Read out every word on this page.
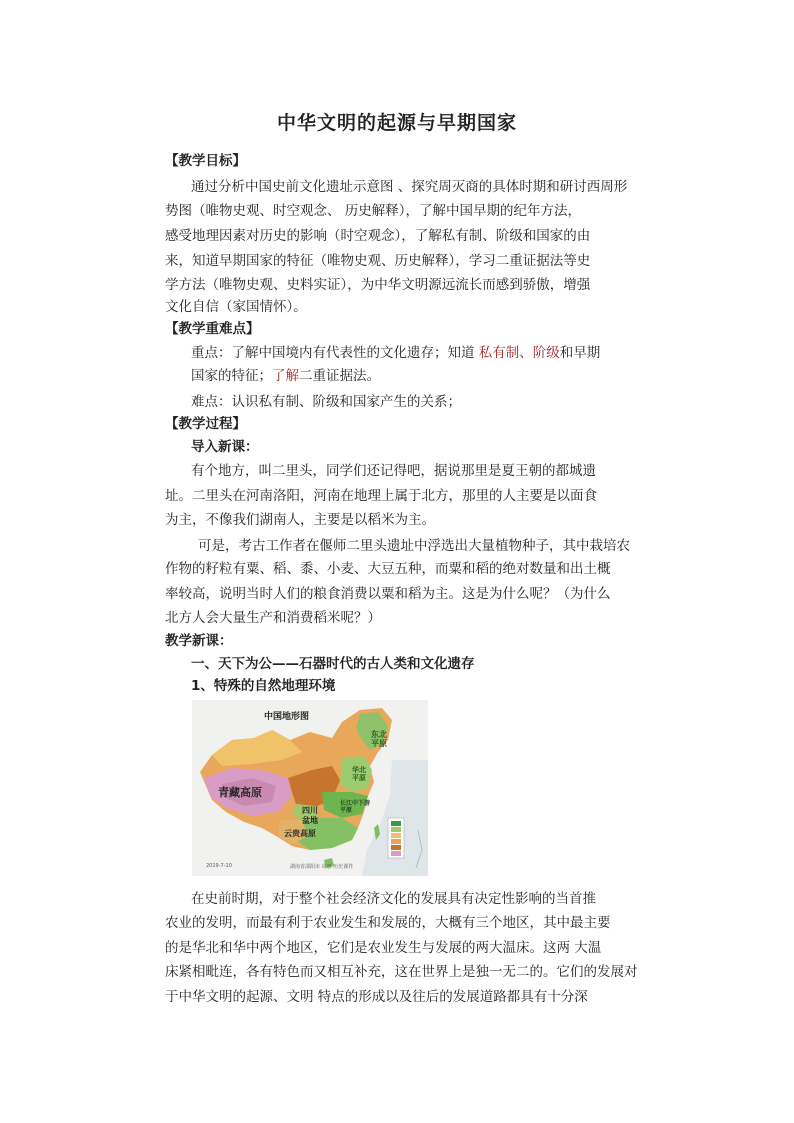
中华文明的起源与早期国家
【教学目标】
通过分析中国史前文化遗址示意图 、探究周灭商的具体时期和研讨西周形
势图（唯物史观、时空观念、 历史解释），了解中国早期的纪年方法，
感受地理因素对历史的影响（时空观念），了解私有制、阶级和国家的由
来，知道早期国家的特征（唯物史观、历史解释），学习二重证据法等史
学方法（唯物史观、史料实证），为中华文明源远流长而感到骄傲，增强
文化自信（家国情怀）。
【教学重难点】
重点：了解中国境内有代表性的文化遗存；知道 私有制、阶级和早期
国家的特征；了解二重证据法。
难点：认识私有制、阶级和国家产生的关系；
【教学过程】
导入新课：
有个地方，叫二里头，同学们还记得吧，据说那里是夏王朝的都城遗
址。二里头在河南洛阳，河南在地理上属于北方，那里的人主要是以面食
为主，不像我们湖南人，主要是以稻米为主。
可是，考古工作者在偃师二里头遗址中浮选出大量植物种子，其中栽培农
作物的籽粒有粟、稻、黍、小麦、大豆五种，而粟和稻的绝对数量和出土概
率较高，说明当时人们的粮食消费以粟和稻为主。这是为什么呢？（为什么
北方人会大量生产和消费稻米呢？）
教学新课：
一、天下为公——石器时代的古人类和文化遗存
1、特殊的自然地理环境
中国地形图
青藏高原
东北平原
华北平原
长江中下游平原
四川盆地
云贵高原
2019-7-10	湖南省邵阳市 周惠 历史课件
在史前时期，对于整个社会经济文化的发展具有决定性影响的当首推
农业的发明，而最有利于农业发生和发展的，大概有三个地区，其中最主要
的是华北和华中两个地区，它们是农业发生与发展的两大温床。这两 大温
床紧相毗连，各有特色而又相互补充，这在世界上是独一无二的。它们的发展对
于中华文明的起源、文明 特点的形成以及往后的发展道路都具有十分深
